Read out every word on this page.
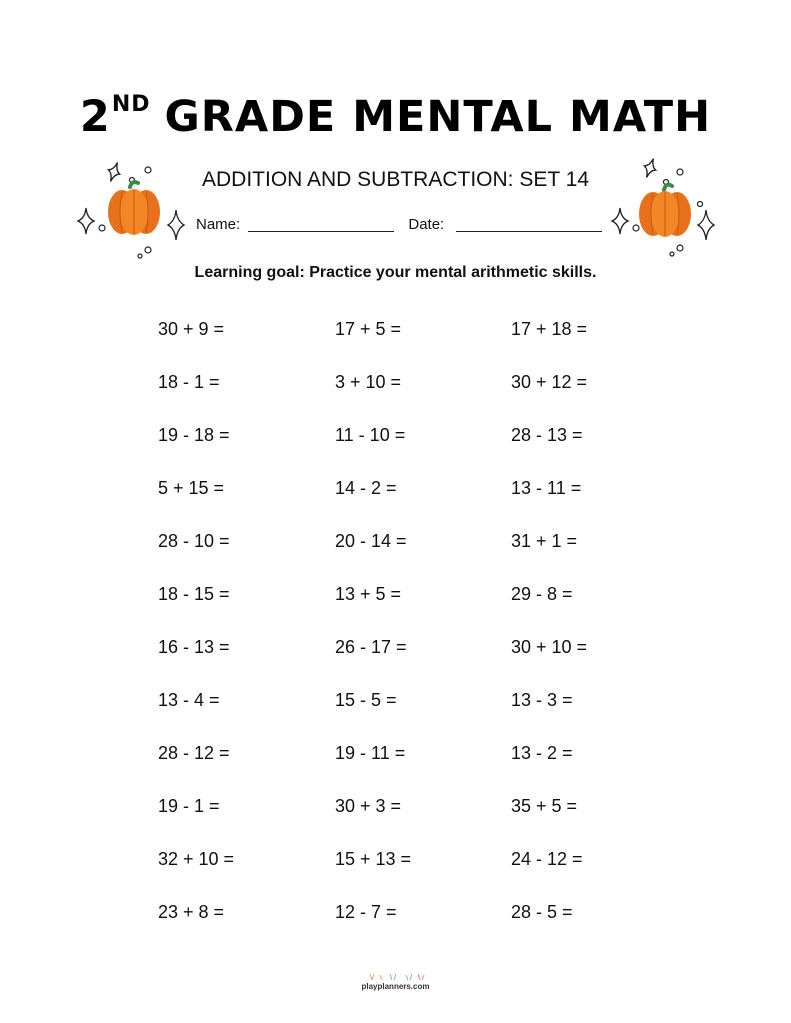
2ND GRADE MENTAL MATH
ADDITION AND SUBTRACTION: SET 14
Name:	Date:
Learning goal: Practice your mental arithmetic skills.
30 + 9 =
18 - 1 =
19 - 18 =
5 + 15 =
28 - 10 =
18 - 15 =
16 - 13 =
13 - 4 =
28 - 12 =
19 - 1 =
32 + 10 =
23 + 8 =
17 + 5 =
3 + 10 =
11 - 10 =
14 - 2 =
20 - 14 =
13 + 5 =
26 - 17 =
15 - 5 =
19 - 11 =
30 + 3 =
15 + 13 =
12 - 7 =
17 + 18 =
30 + 12 =
28 - 13 =
13 - 11 =
31 + 1 =
29 - 8 =
30 + 10 =
13 - 3 =
13 - 2 =
35 + 5 =
24 - 12 =
28 - 5 =
playplanners.com
